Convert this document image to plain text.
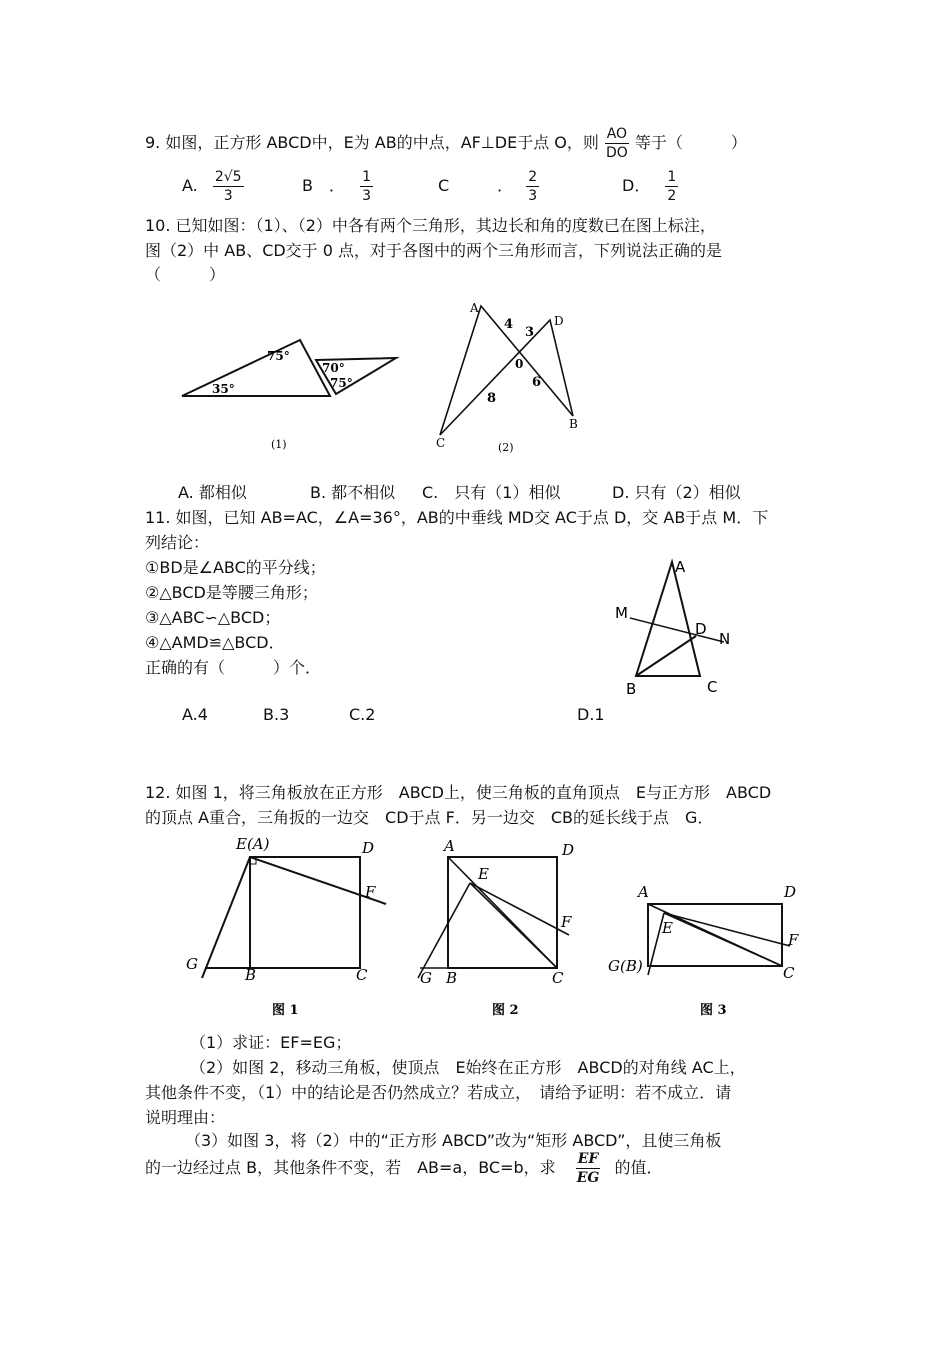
9. 如图，正方形 ABCD中，E为 AB的中点，AF⊥DE于点 O，则 $\frac{AO}{DO}$ 等于（　　　）
A. $\frac{2√5}{3}$	B　． $\frac{1}{3}$	C　　　． $\frac{2}{3}$	D． $\frac{1}{2}$
10. 已知如图：（1）、（2）中各有两个三角形，其边长和角的度数已在图上标注，
图（2）中 AB、CD交于 0 点，对于各图中的两个三角形而言，下列说法正确的是
（　　　）
75°
35°
70°
75°
(1)
A
D
C
B
0
4
3
6
8
(2)
A. 都相似	B. 都不相似 C.　只有（1）相似	D. 只有（2）相似
11. 如图，已知 AB=AC，∠A=36°，AB的中垂线 MD交 AC于点 D，交 AB于点 M．下
列结论：
①BD是∠ABC的平分线；
②△BCD是等腰三角形；
③△ABC∽△BCD；
④△AMD≌△BCD．
正确的有（　　　）个．
A
M
D
N
B	C
A.4	B.3	C.2	D.1
12. 如图 1，将三角板放在正方形　ABCD上，使三角板的直角顶点　E与正方形　ABCD
的顶点 A重合，三角扳的一边交　CD于点 F．另一边交　CB的延长线于点　G．
E(A)	D
F
G
B	C
图 1
A	D
E
F
G B	C
图 2
A	D
E
F
G(B)	C
图 3
（1）求证：EF=EG；
（2）如图 2，移动三角板，使顶点　E始终在正方形　ABCD的对角线 AC上，
其他条件不变，（1）中的结论是否仍然成立？若成立，　请给予证明：若不成立．请
说明理由：
（3）如图 3，将（2）中的“正方形 ABCD”改为“矩形 ABCD”，且使三角板
的一边经过点 B，其他条件不变，若　AB=a，BC=b，求 $\frac{EF}{EG}$ 的值．
